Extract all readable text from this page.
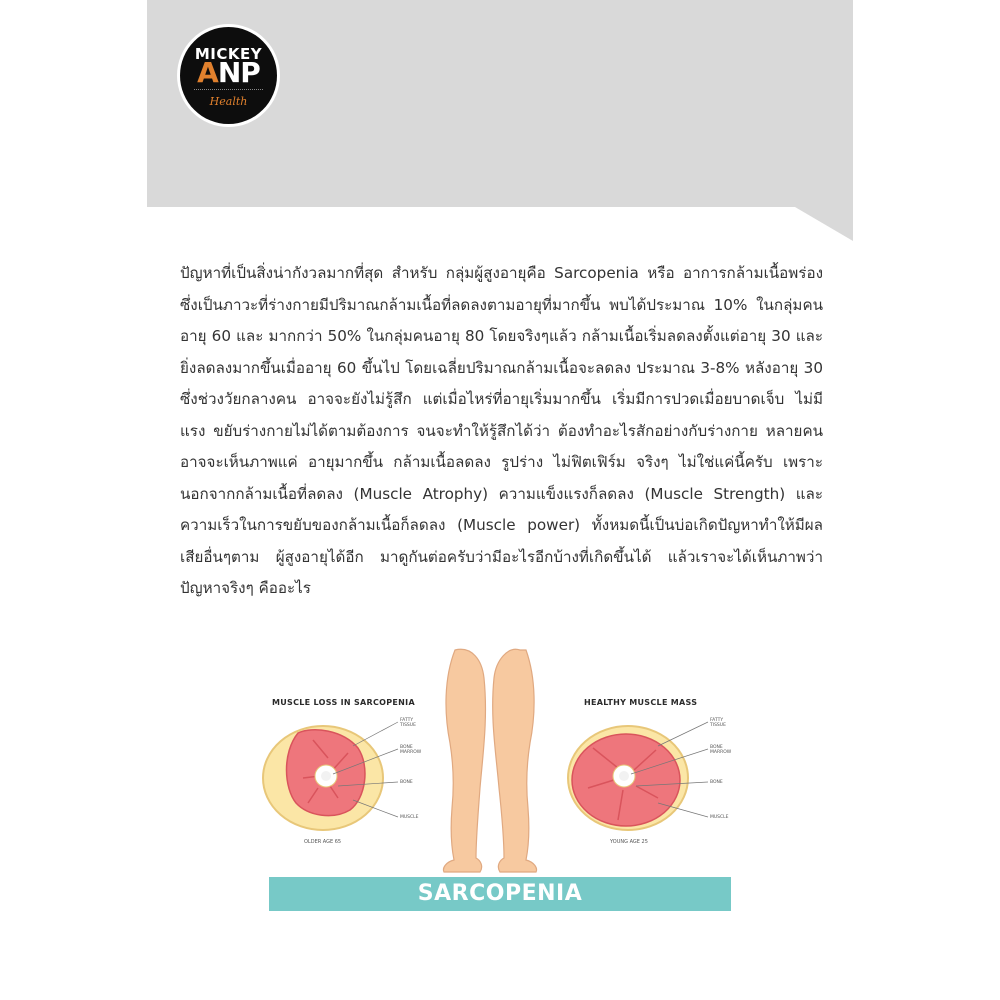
MICKEY
ANP
Health

ปัญหาที่เป็นสิ่งน่ากังวลมากที่สุด สำหรับ กลุ่มผู้สูงอายุคือ Sarcopenia หรือ อาการกล้ามเนื้อพร่อง ซึ่งเป็นภาวะที่ร่างกายมีปริมาณกล้ามเนื้อที่ลดลงตามอายุที่มากขึ้น พบได้ประมาณ 10% ในกลุ่มคนอายุ 60 และ มากกว่า 50% ในกลุ่มคนอายุ 80 โดยจริงๆแล้ว กล้ามเนื้อเริ่มลดลงตั้งแต่อายุ 30 และยิ่งลดลงมากขึ้นเมื่ออายุ 60 ขึ้นไป โดยเฉลี่ยปริมาณกล้ามเนื้อจะลดลง ประมาณ 3-8% หลังอายุ 30 ซึ่งช่วงวัยกลางคน อาจจะยังไม่รู้สึก แต่เมื่อไหร่ที่อายุเริ่มมากขึ้น เริ่มมีการปวดเมื่อยบาดเจ็บ ไม่มีแรง ขยับร่างกายไม่ได้ตามต้องการ จนจะทำให้รู้สึกได้ว่า ต้องทำอะไรสักอย่างกับร่างกาย หลายคนอาจจะเห็นภาพแค่ อายุมากขึ้น กล้ามเนื้อลดลง รูปร่าง ไม่ฟิตเฟิร์ม จริงๆ ไม่ใช่แค่นี้ครับ เพราะนอกจากกล้ามเนื้อที่ลดลง (Muscle Atrophy) ความแข็งแรงก็ลดลง (Muscle Strength) และ ความเร็วในการขยับของกล้ามเนื้อก็ลดลง (Muscle power) ทั้งหมดนี้เป็นบ่อเกิดปัญหาทำให้มีผลเสียอื่นๆตาม ผู้สูงอายุได้อีก มาดูกันต่อครับว่ามีอะไรอีกบ้างที่เกิดขึ้นได้ แล้วเราจะได้เห็นภาพว่าปัญหาจริงๆ คืออะไร

MUSCLE LOSS IN SARCOPENIA	HEALTHY MUSCLE MASS
FATTY TISSUE
BONE MARROW
BONE
MUSCLE
FATTY TISSUE
BONE MARROW
BONE
MUSCLE
OLDER AGE 65	YOUNG AGE 25
SARCOPENIA
